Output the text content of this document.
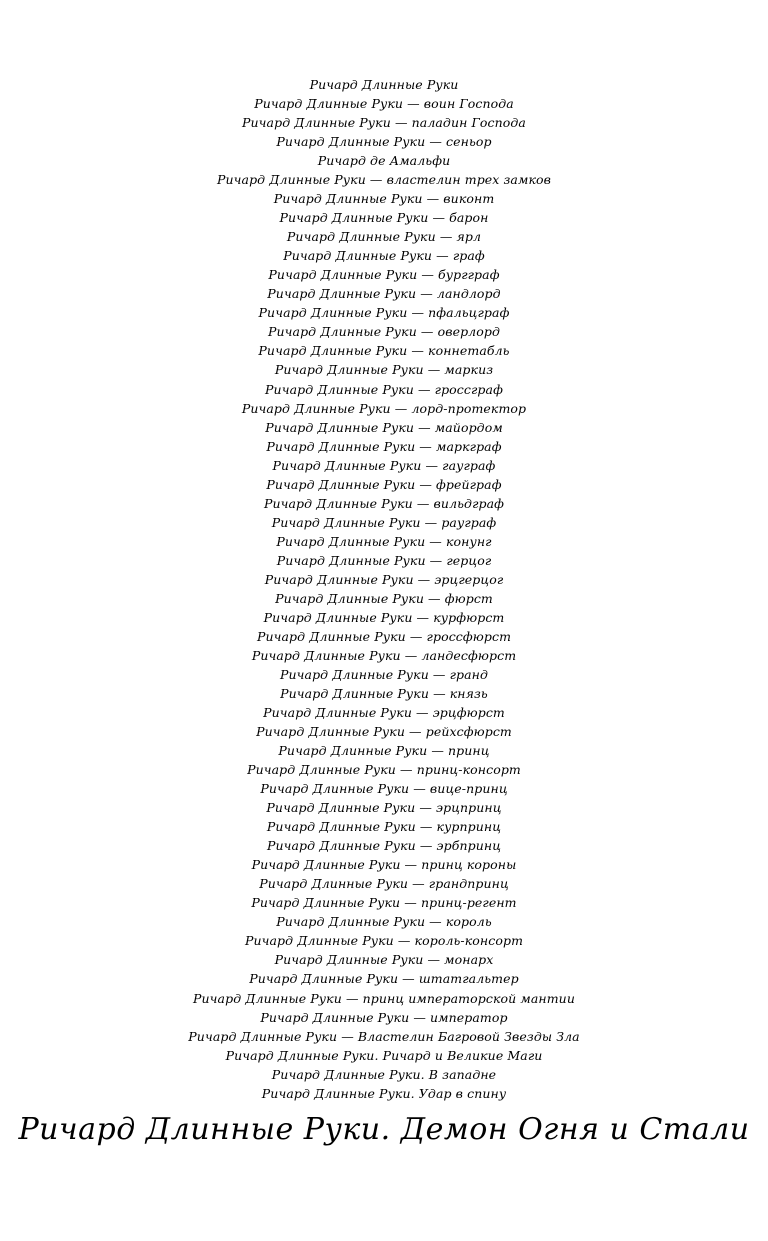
Ричард Длинные Руки
Ричард Длинные Руки — воин Господа
Ричард Длинные Руки — паладин Господа
Ричард Длинные Руки — сеньор
Ричард де Амальфи
Ричард Длинные Руки — властелин трех замков
Ричард Длинные Руки — виконт
Ричард Длинные Руки — барон
Ричард Длинные Руки — ярл
Ричард Длинные Руки — граф
Ричард Длинные Руки — бургграф
Ричард Длинные Руки — ландлорд
Ричард Длинные Руки — пфальцграф
Ричард Длинные Руки — оверлорд
Ричард Длинные Руки — коннетабль
Ричард Длинные Руки — маркиз
Ричард Длинные Руки — гроссграф
Ричард Длинные Руки — лорд-протектор
Ричард Длинные Руки — майордом
Ричард Длинные Руки — маркграф
Ричард Длинные Руки — гауграф
Ричард Длинные Руки — фрейграф
Ричард Длинные Руки — вильдграф
Ричард Длинные Руки — рауграф
Ричард Длинные Руки — конунг
Ричард Длинные Руки — герцог
Ричард Длинные Руки — эрцгерцог
Ричард Длинные Руки — фюрст
Ричард Длинные Руки — курфюрст
Ричард Длинные Руки — гроссфюрст
Ричард Длинные Руки — ландесфюрст
Ричард Длинные Руки — гранд
Ричард Длинные Руки — князь
Ричард Длинные Руки — эрцфюрст
Ричард Длинные Руки — рейхсфюрст
Ричард Длинные Руки — принц
Ричард Длинные Руки — принц-консорт
Ричард Длинные Руки — вице-принц
Ричард Длинные Руки — эрцпринц
Ричард Длинные Руки — курпринц
Ричард Длинные Руки — эрбпринц
Ричард Длинные Руки — принц короны
Ричард Длинные Руки — грандпринц
Ричард Длинные Руки — принц-регент
Ричард Длинные Руки — король
Ричард Длинные Руки — король-консорт
Ричард Длинные Руки — монарх
Ричард Длинные Руки — штатгальтер
Ричард Длинные Руки — принц императорской мантии
Ричард Длинные Руки — император
Ричард Длинные Руки — Властелин Багровой Звезды Зла
Ричард Длинные Руки. Ричард и Великие Маги
Ричард Длинные Руки. В западне
Ричард Длинные Руки. Удар в спину
Ричард Длинные Руки. Демон Огня и Стали
